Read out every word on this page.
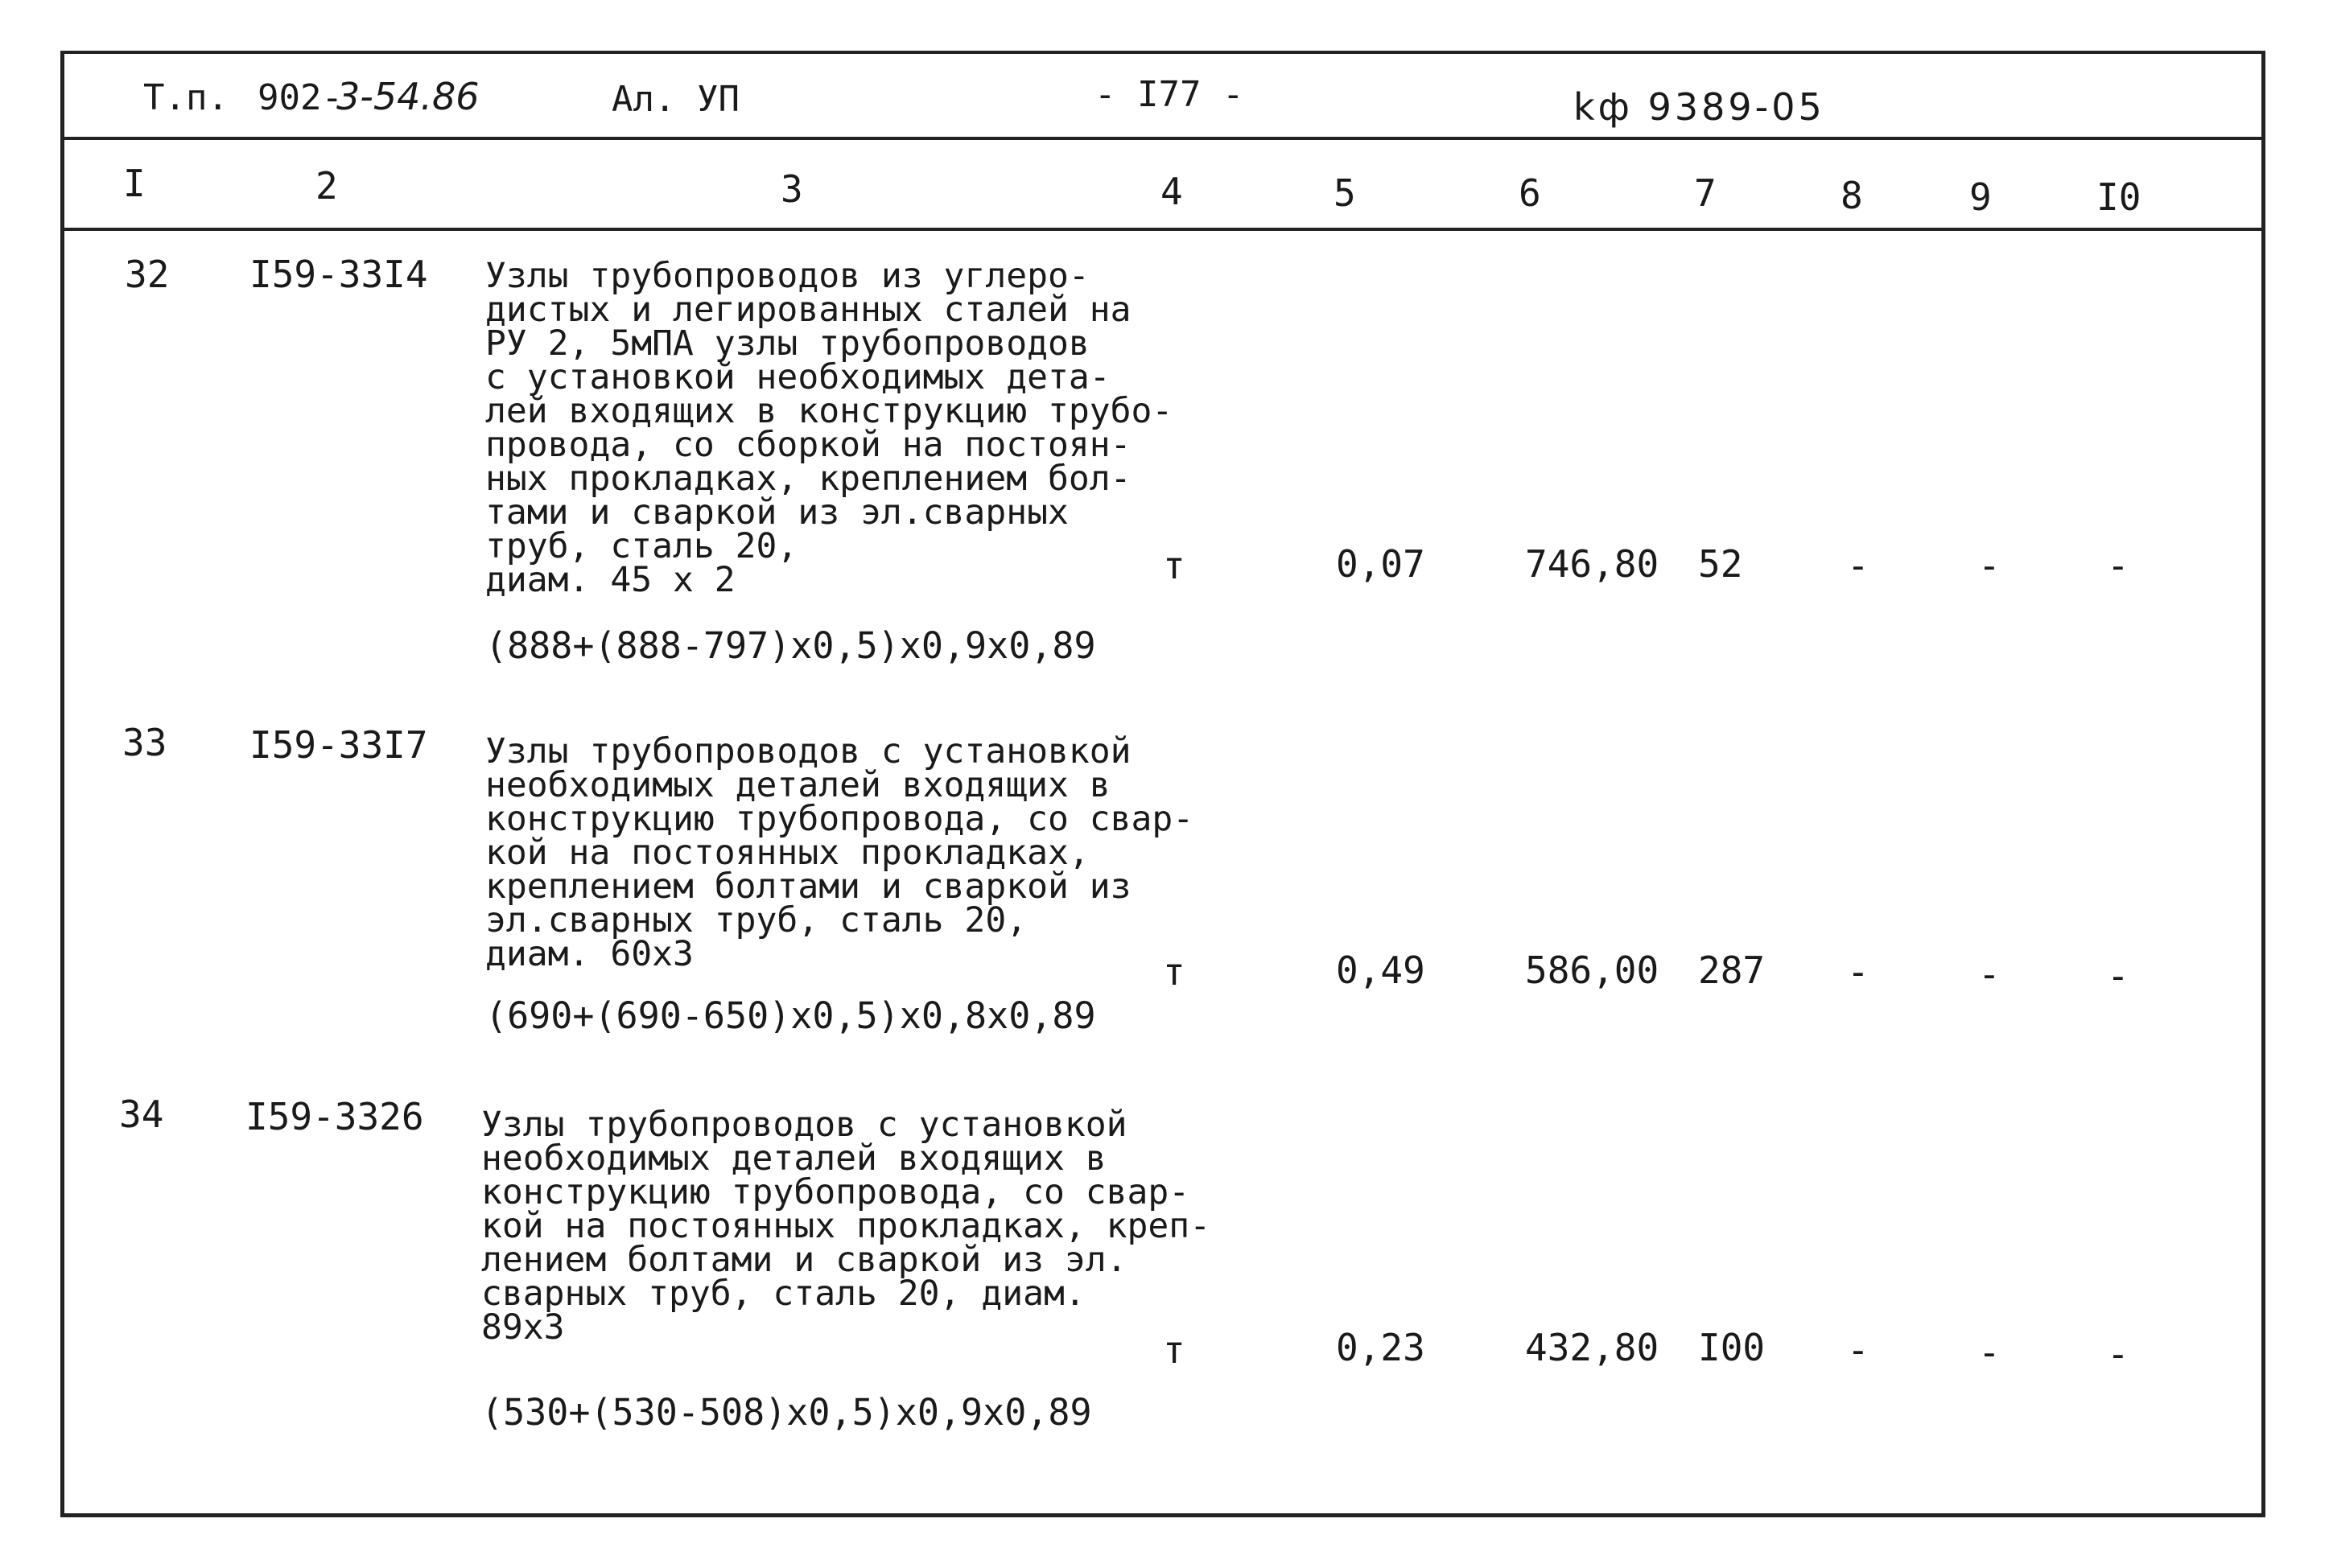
Т.п. 902-
3-54.86	Ал. УП	- I77 -	kф 9389-05
I	2	3	4	5	6	7	8	9	I0
32 I59-33I4 Узлы трубопроводов из углеро-
дистых и легированных сталей на
РУ 2, 5мПА узлы трубопроводов
с установкой необходимых дета-
лей входящих в конструкцию трубо-
провода, со сборкой на постоян-
ных прокладках, креплением бол-
тами и сваркой из эл.сварных
труб, сталь 20,
диам. 45 х 2
(888+(888-797)х0,5)х0,9х0,89
т	0,07	746,80 52	-	-	-
33 I59-33I7 Узлы трубопроводов с установкой
необходимых деталей входящих в
конструкцию трубопровода, со свар-
кой на постоянных прокладках,
креплением болтами и сваркой из
эл.сварных труб, сталь 20,
диам. 60х3
(690+(690-650)х0,5)х0,8х0,89
т	0,49	586,00 287 -	-	-
34 I59-3326 Узлы трубопроводов с установкой
необходимых деталей входящих в
конструкцию трубопровода, со свар-
кой на постоянных прокладках, креп-
лением болтами и сваркой из эл.
сварных труб, сталь 20, диам.
89х3
(530+(530-508)х0,5)х0,9х0,89
т	0,23	432,80 I00 -	-	-
